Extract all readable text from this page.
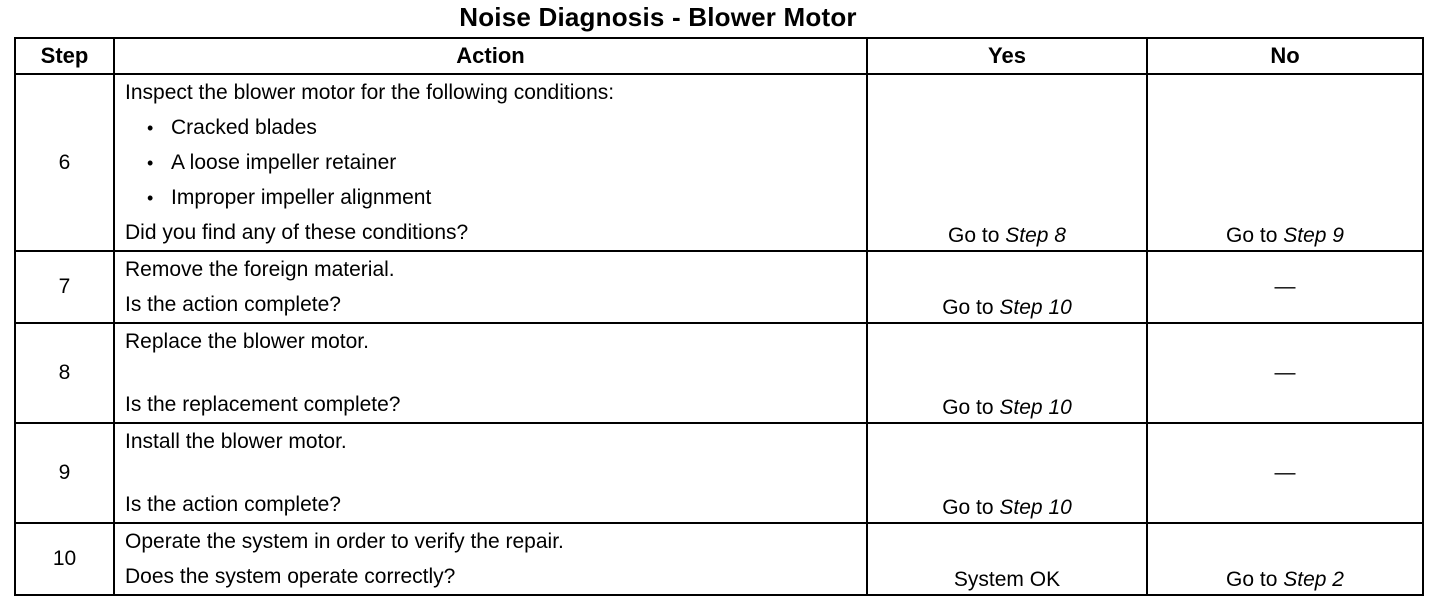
Noise Diagnosis - Blower Motor
Step	Action	Yes	No
6	Inspect the blower motor for the following conditions:
• Cracked blades
• A loose impeller retainer
• Improper impeller alignment
Did you find any of these conditions?	Go to Step 8	Go to Step 9
7	Remove the foreign material.
Is the action complete?	Go to Step 10	—
8	Replace the blower motor.
Is the replacement complete?	Go to Step 10	—
9	Install the blower motor.
Is the action complete?	Go to Step 10	—
10	Operate the system in order to verify the repair.
Does the system operate correctly?	System OK	Go to Step 2
